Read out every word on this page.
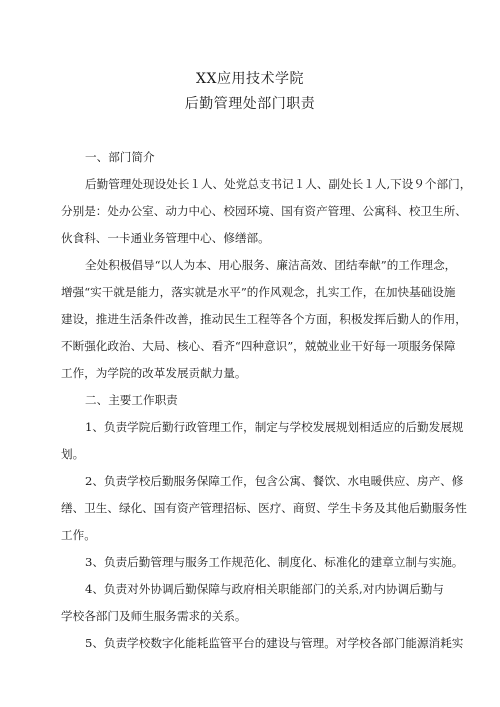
XX应用技术学院
后勤管理处部门职责
一、部门简介
后勤管理处现设处长１人、处党总支书记１人、副处长１人,下设９个部门，
分别是：处办公室、动力中心、校园环境、国有资产管理、公寓科、校卫生所、
伙食科、一卡通业务管理中心、修缮部。
全处积极倡导“以人为本、用心服务、廉洁高效、团结奉献”的工作理念，
增强“实干就是能力，落实就是水平”的作风观念，扎实工作，在加快基础设施
建设，推进生活条件改善，推动民生工程等各个方面，积极发挥后勤人的作用，
不断强化政治、大局、核心、看齐“四种意识”，兢兢业业干好每一项服务保障
工作，为学院的改革发展贡献力量。
二、主要工作职责
1、负责学院后勤行政管理工作，制定与学校发展规划相适应的后勤发展规
划。
2、负责学校后勤服务保障工作，包含公寓、餐饮、水电暖供应、房产、修
缮、卫生、绿化、国有资产管理招标、医疗、商贸、学生卡务及其他后勤服务性
工作。
3、负责后勤管理与服务工作规范化、制度化、标准化的建章立制与实施。
4、负责对外协调后勤保障与政府相关职能部门的关系,对内协调后勤与
学校各部门及师生服务需求的关系。
5、负责学校数字化能耗监管平台的建设与管理。对学校各部门能源消耗实
